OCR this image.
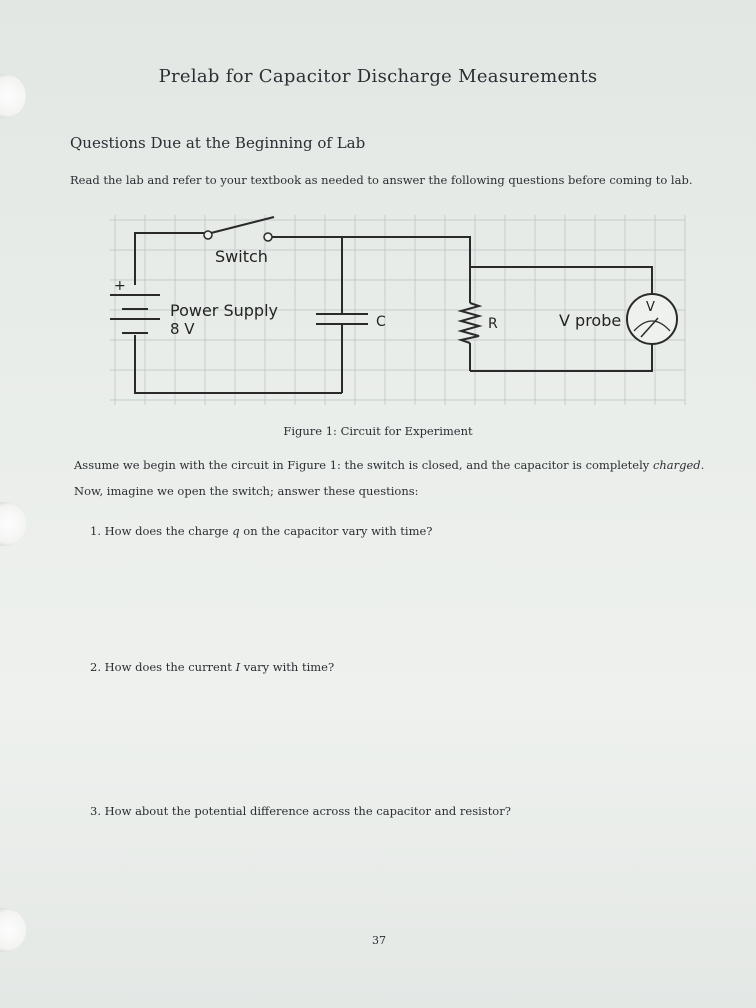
Prelab for Capacitor Discharge Measurements
Questions Due at the Beginning of Lab

Read the lab and refer to your textbook as needed to answer the following questions before coming to lab.

Switch
+
Power Supply
8 V	C	R	V probe
V

Figure 1: Circuit for Experiment

Assume we begin with the circuit in Figure 1: the switch is closed, and the capacitor is completely charged.

Now, imagine we open the switch; answer these questions:

1. How does the charge q on the capacitor vary with time?

2. How does the current I vary with time?

3. How about the potential difference across the capacitor and resistor?

37
